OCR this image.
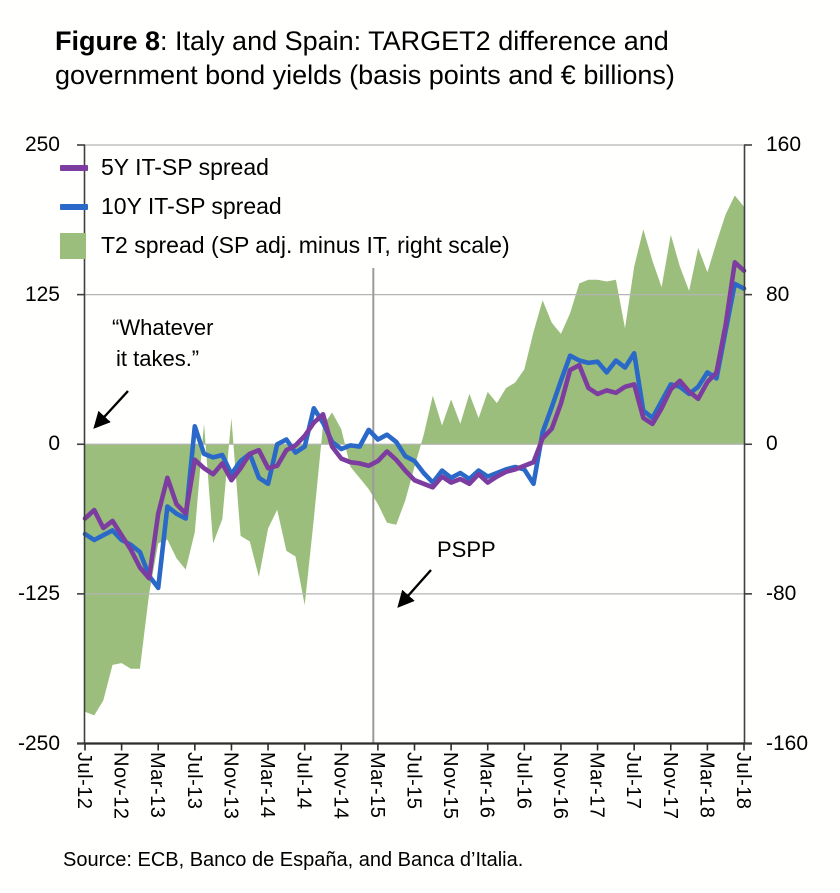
Figure 8: Italy and Spain: TARGET2 difference and
government bond yields (basis points and € billions)
5Y IT-SP spread
10Y IT-SP spread
T2 spread (SP adj. minus IT, right scale)
250
125
0
-125
-250
160
80
0
-80
-160
Jul-12 Nov-12 Mar-13 Jul-13 Nov-13 Mar-14 Jul-14 Nov-14 Mar-15 Jul-15 Nov-15 Mar-16 Jul-16 Nov-16 Mar-17 Jul-17 Nov-17 Mar-18 Jul-18
“Whatever
it takes.”
PSPP
Source: ECB, Banco de España, and Banca d’Italia.
